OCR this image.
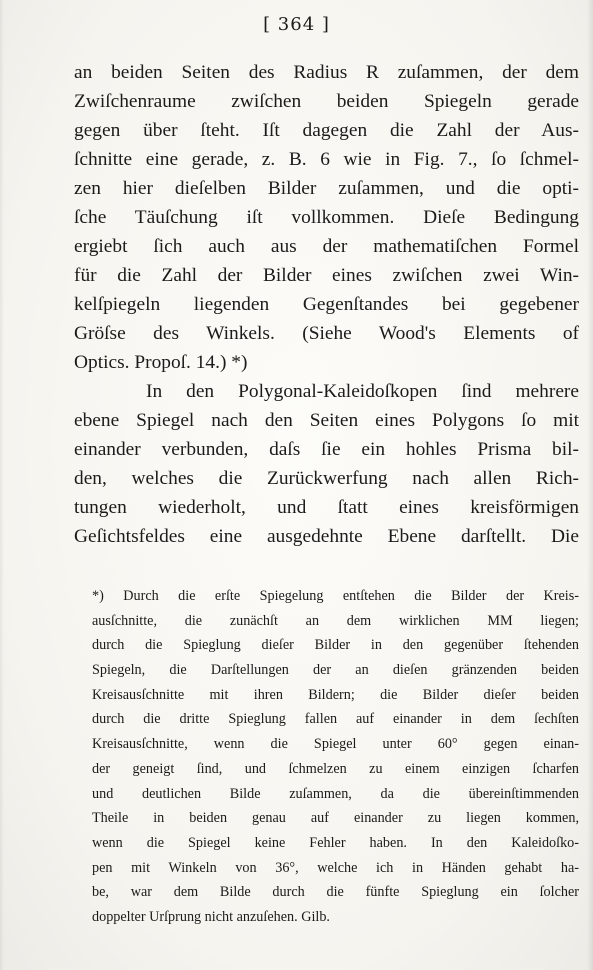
[ 364 ]
an beiden Seiten des Radius R zuſammen, der dem
Zwiſchenraume zwiſchen beiden Spiegeln gerade
gegen über ſteht. Iſt dagegen die Zahl der Aus-
ſchnitte eine gerade, z. B. 6 wie in Fig. 7., ſo ſchmel-
zen hier dieſelben Bilder zuſammen, und die opti-
ſche Täuſchung iſt vollkommen. Dieſe Bedingung
ergiebt ſich auch aus der mathematiſchen Formel
für die Zahl der Bilder eines zwiſchen zwei Win-
kelſpiegeln liegenden Gegenſtandes bei gegebener
Gröſse des Winkels. (Siehe Wood's Elements of
Optics. Propoſ. 14.) *)
In den Polygonal-Kaleidoſkopen ſind mehrere
ebene Spiegel nach den Seiten eines Polygons ſo mit
einander verbunden, daſs ſie ein hohles Prisma bil-
den, welches die Zurückwerfung nach allen Rich-
tungen wiederholt, und ſtatt eines kreisförmigen
Geſichtsfeldes eine ausgedehnte Ebene darſtellt. Die
*) Durch die erſte Spiegelung entſtehen die Bilder der Kreis-
ausſchnitte, die zunächſt an dem wirklichen MM liegen;
durch die Spieglung dieſer Bilder in den gegenüber ſtehenden
Spiegeln, die Darſtellungen der an dieſen gränzenden beiden
Kreisausſchnitte mit ihren Bildern; die Bilder dieſer beiden
durch die dritte Spieglung fallen auf einander in dem ſechſten
Kreisausſchnitte, wenn die Spiegel unter 60° gegen einan-
der geneigt ſind, und ſchmelzen zu einem einzigen ſcharfen
und deutlichen Bilde zuſammen, da die übereinſtimmenden
Theile in beiden genau auf einander zu liegen kommen,
wenn die Spiegel keine Fehler haben. In den Kaleidoſko-
pen mit Winkeln von 36°, welche ich in Händen gehabt ha-
be, war dem Bilde durch die fünfte Spieglung ein ſolcher
doppelter Urſprung nicht anzuſehen. Gilb.
